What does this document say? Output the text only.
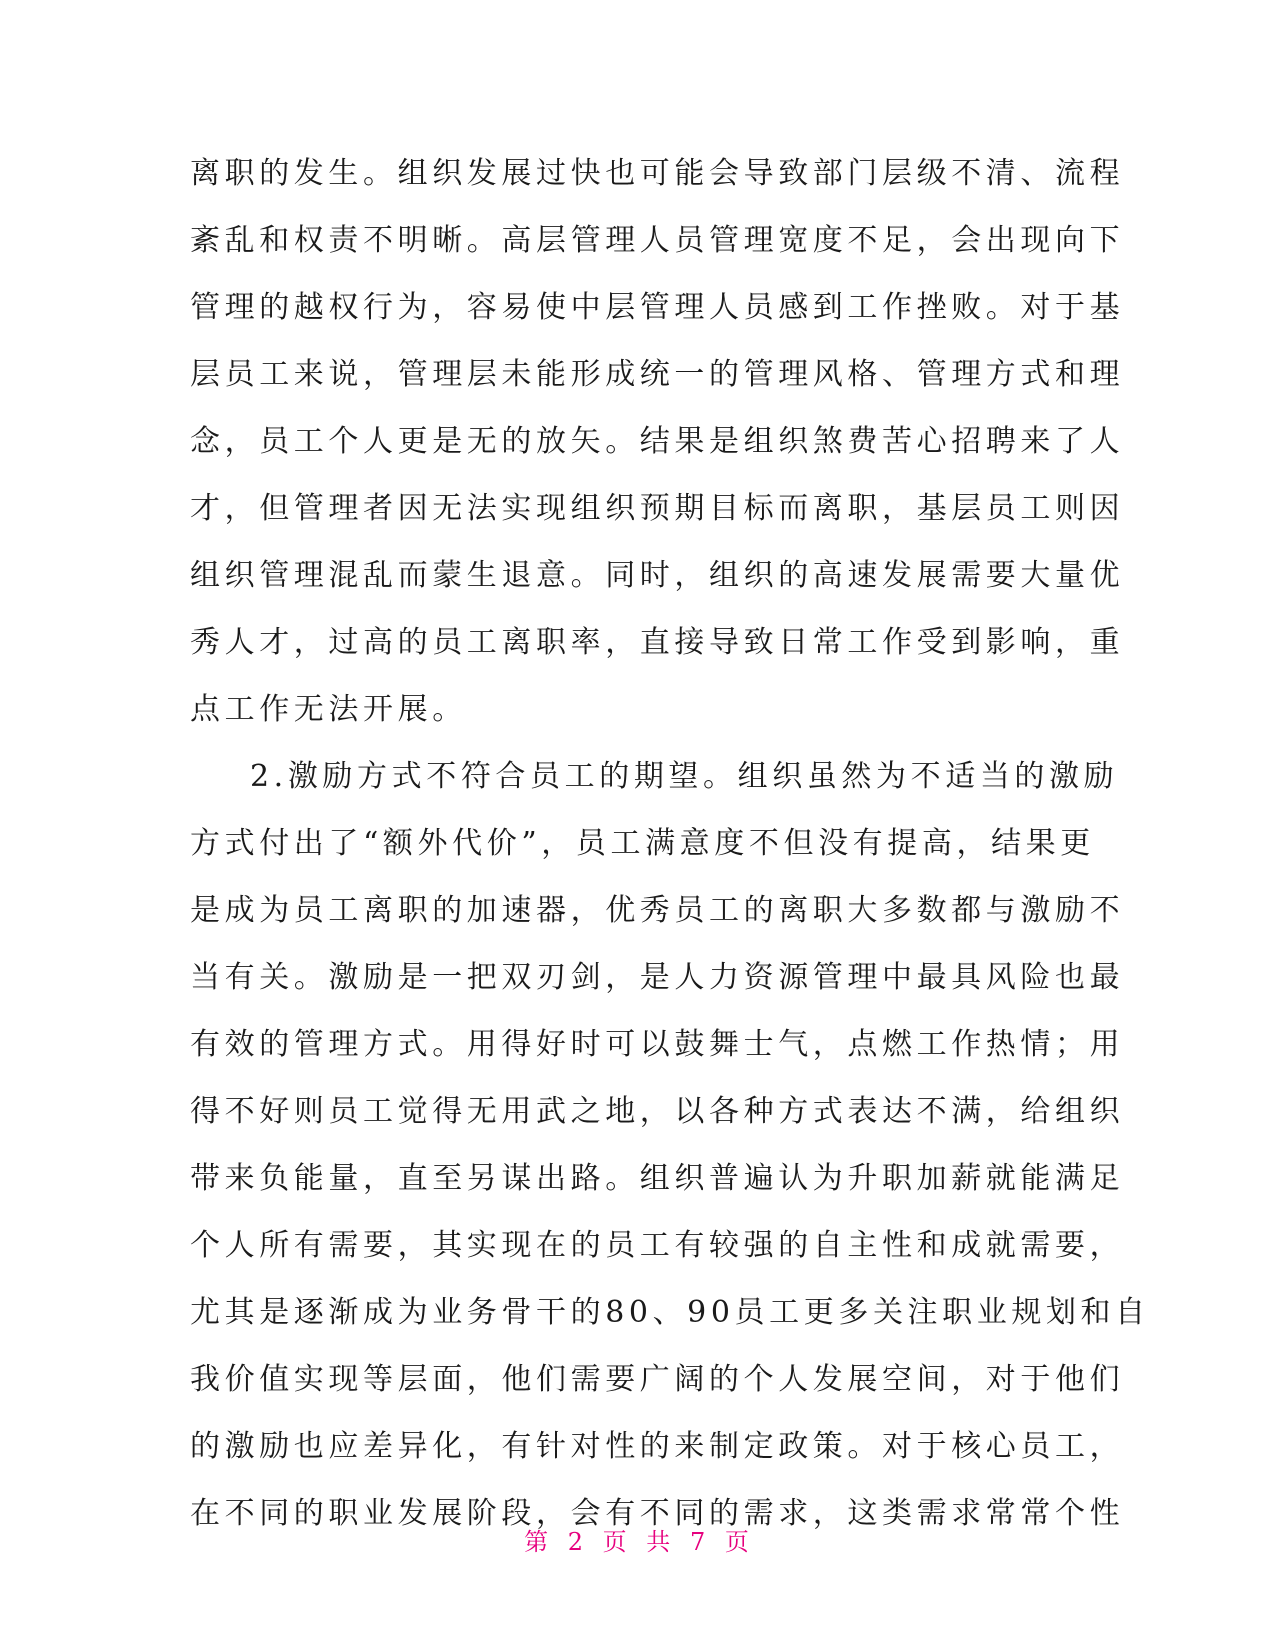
离职的发生。组织发展过快也可能会导致部门层级不清、流程
紊乱和权责不明晰。高层管理人员管理宽度不足，会出现向下
管理的越权行为，容易使中层管理人员感到工作挫败。对于基
层员工来说，管理层未能形成统一的管理风格、管理方式和理
念，员工个人更是无的放矢。结果是组织煞费苦心招聘来了人
才，但管理者因无法实现组织预期目标而离职，基层员工则因
组织管理混乱而蒙生退意。同时，组织的高速发展需要大量优
秀人才，过高的员工离职率，直接导致日常工作受到影响，重
点工作无法开展。
2.激励方式不符合员工的期望。组织虽然为不适当的激励
方式付出了“额外代价”，员工满意度不但没有提高，结果更
是成为员工离职的加速器，优秀员工的离职大多数都与激励不
当有关。激励是一把双刃剑，是人力资源管理中最具风险也最
有效的管理方式。用得好时可以鼓舞士气，点燃工作热情；用
得不好则员工觉得无用武之地，以各种方式表达不满，给组织
带来负能量，直至另谋出路。组织普遍认为升职加薪就能满足
个人所有需要，其实现在的员工有较强的自主性和成就需要，
尤其是逐渐成为业务骨干的80、90员工更多关注职业规划和自
我价值实现等层面，他们需要广阔的个人发展空间，对于他们
的激励也应差异化，有针对性的来制定政策。对于核心员工，
在不同的职业发展阶段，会有不同的需求，这类需求常常个性
第 2 页 共 7 页
